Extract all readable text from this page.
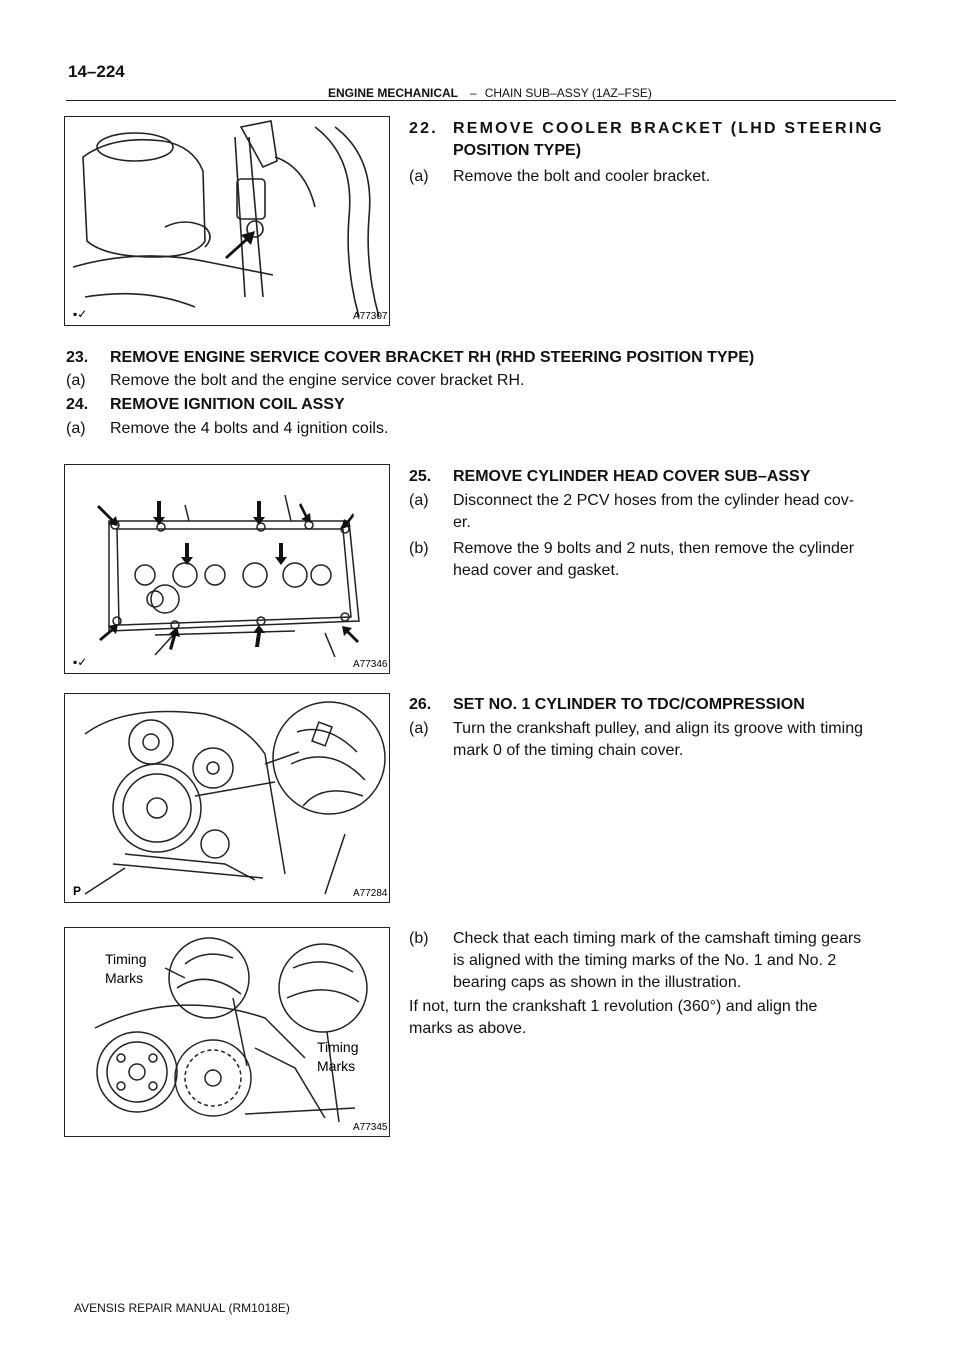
14–224
ENGINE MECHANICAL – CHAIN SUB–ASSY (1AZ–FSE)
A77307
▪✓
22. REMOVE COOLER BRACKET (LHD STEERING
POSITION TYPE)
(a) Remove the bolt and cooler bracket.
23. REMOVE ENGINE SERVICE COVER BRACKET RH (RHD STEERING POSITION TYPE)
(a) Remove the bolt and the engine service cover bracket RH.
24. REMOVE IGNITION COIL ASSY
(a) Remove the 4 bolts and 4 ignition coils.
A77346
▪✓
25. REMOVE CYLINDER HEAD COVER SUB–ASSY
(a) Disconnect the 2 PCV hoses from the cylinder head cov-
er.
(b) Remove the 9 bolts and 2 nuts, then remove the cylinder
head cover and gasket.
A77284
P
26. SET NO. 1 CYLINDER TO TDC/COMPRESSION
(a) Turn the crankshaft pulley, and align its groove with timing
mark 0 of the timing chain cover.
Timing
Marks
Timing
Marks
A77345
(b) Check that each timing mark of the camshaft timing gears
is aligned with the timing marks of the No. 1 and No. 2
bearing caps as shown in the illustration.
If not, turn the crankshaft 1 revolution (360°) and align the
marks as above.
AVENSIS REPAIR MANUAL (RM1018E)
